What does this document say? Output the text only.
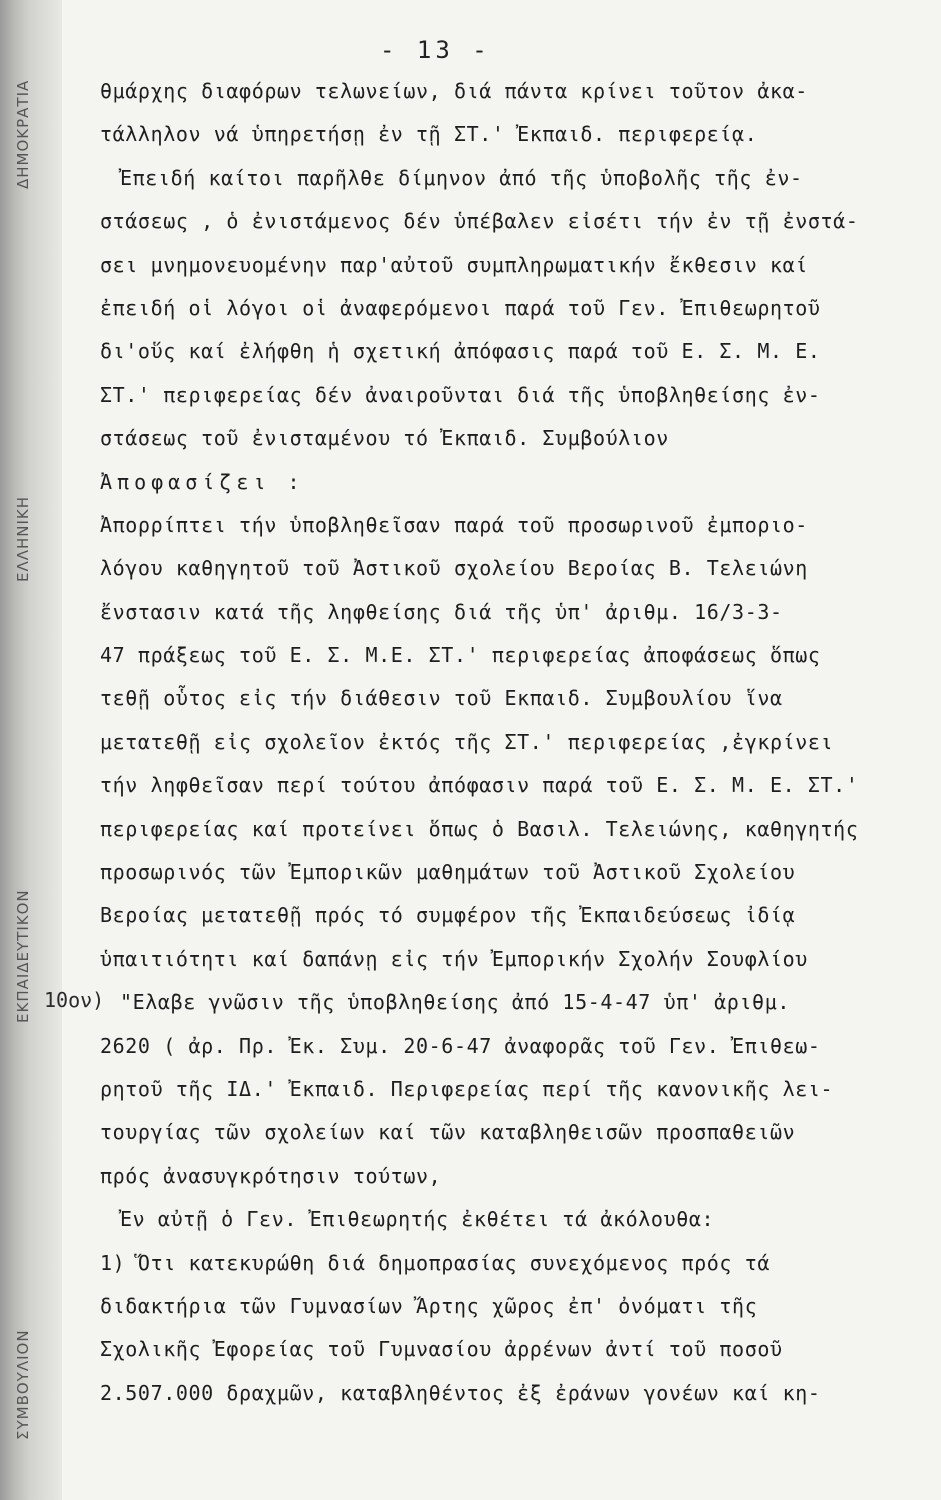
ΣΥΜΒΟΥΛΙΟΝ
ΕΚΠΑΙΔΕΥΤΙΚΟΝ
ΕΛΛΗΝΙΚΗ
ΔΗΜΟΚΡΑΤΙΑ
- 13 -
10ον)
θμάρχης διαφόρων τελωνείων, διά πάντα κρίνει τοῦτον ἀκα-
τάλληλον νά ὑπηρετήσῃ ἐν τῇ ΣΤ.' Ἐκπαιδ. περιφερείᾳ.
Ἐπειδή καίτοι παρῆλθε δίμηνον ἀπό τῆς ὑποβολῆς τῆς ἐν-
στάσεως , ὁ ἐνιστάμενος δέν ὑπέβαλεν εἰσέτι τήν ἐν τῇ ἐνστά-
σει μνημονευομένην παρ'αὐτοῦ συμπληρωματικήν ἔκθεσιν καί
ἐπειδή οἱ λόγοι οἱ ἀναφερόμενοι παρά τοῦ Γεν. Ἐπιθεωρητοῦ
δι'οὕς καί ἐλήφθη ἡ σχετική ἀπόφασις παρά τοῦ Ε. Σ. Μ. Ε.
ΣΤ.' περιφερείας δέν ἀναιροῦνται διά τῆς ὑποβληθείσης ἐν-
στάσεως τοῦ ἐνισταμένου τό Ἐκπαιδ. Συμβούλιον
Ἀποφασίζει :
Ἀπορρίπτει τήν ὑποβληθεῖσαν παρά τοῦ προσωρινοῦ ἐμποριο-
λόγου καθηγητοῦ τοῦ Ἀστικοῦ σχολείου Βεροίας Β. Τελειώνη
ἔνστασιν κατά τῆς ληφθείσης διά τῆς ὑπ' ἀριθμ. 16/3-3-
47 πράξεως τοῦ Ε. Σ. Μ.Ε. ΣΤ.' περιφερείας ἀποφάσεως ὅπως
τεθῇ οὗτος εἰς τήν διάθεσιν τοῦ Εκπαιδ. Συμβουλίου ἵνα
μετατεθῇ εἰς σχολεῖον ἐκτός τῆς ΣΤ.' περιφερείας ,ἐγκρίνει
τήν ληφθεῖσαν περί τούτου ἀπόφασιν παρά τοῦ Ε. Σ. Μ. Ε. ΣΤ.'
περιφερείας καί προτείνει ὅπως ὁ Βασιλ. Τελειώνης, καθηγητής
προσωρινός τῶν Ἐμπορικῶν μαθημάτων τοῦ Ἀστικοῦ Σχολείου
Βεροίας μετατεθῇ πρός τό συμφέρον τῆς Ἐκπαιδεύσεως ἰδίᾳ
ὑπαιτιότητι καί δαπάνῃ εἰς τήν Ἐμπορικήν Σχολήν Σουφλίου
"Ελαβε γνῶσιν τῆς ὑποβληθείσης ἀπό 15-4-47 ὑπ' ἀριθμ.
2620 ( ἀρ. Πρ. Ἐκ. Συμ. 20-6-47 ἀναφορᾶς τοῦ Γεν. Ἐπιθεω-
ρητοῦ τῆς ΙΔ.' Ἐκπαιδ. Περιφερείας περί τῆς κανονικῆς λει-
τουργίας τῶν σχολείων καί τῶν καταβληθεισῶν προσπαθειῶν
πρός ἀνασυγκρότησιν τούτων,
Ἐν αὐτῇ ὁ Γεν. Ἐπιθεωρητής ἐκθέτει τά ἀκόλουθα:
1) Ὅτι κατεκυρώθη διά δημοπρασίας συνεχόμενος πρός τά
διδακτήρια τῶν Γυμνασίων Ἄρτης χῶρος ἐπ' ὀνόματι τῆς
Σχολικῆς Ἐφορείας τοῦ Γυμνασίου ἀρρένων ἀντί τοῦ ποσοῦ
2.507.000 δραχμῶν, καταβληθέντος ἐξ ἐράνων γονέων καί κη-
